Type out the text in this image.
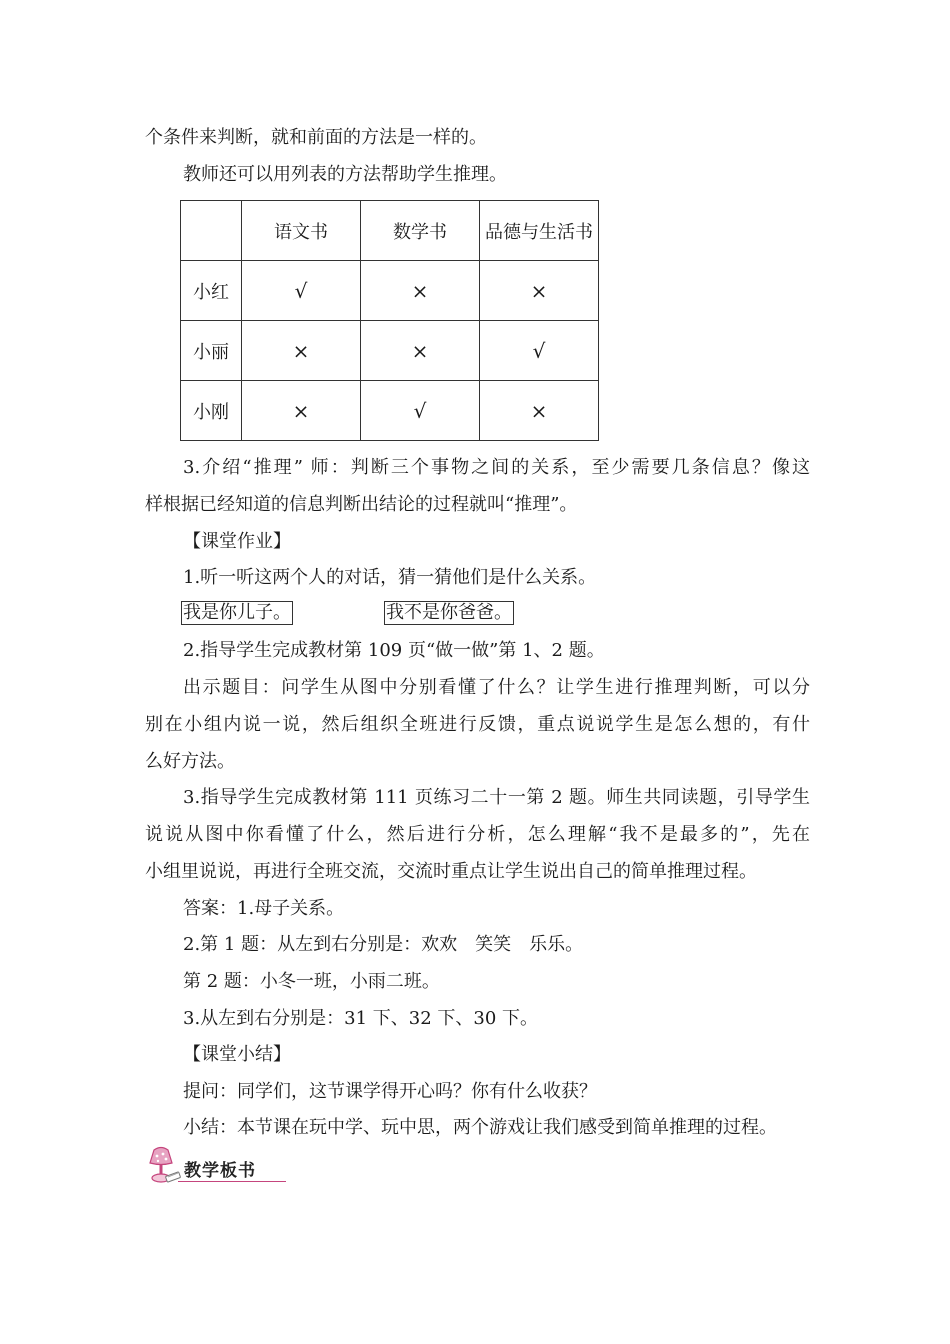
个条件来判断，就和前面的方法是一样的。
教师还可以用列表的方法帮助学生推理。
	语文书	数学书	品德与生活书
小红	√	×	×
小丽	×	×	√
小刚	×	√	×
3.介绍“推理” 师：判断三个事物之间的关系，至少需要几条信息？像这
样根据已经知道的信息判断出结论的过程就叫“推理”。
【课堂作业】
1.听一听这两个人的对话，猜一猜他们是什么关系。
我是你儿子。	我不是你爸爸。
2.指导学生完成教材第 109 页“做一做”第 1、2 题。
出示题目：问学生从图中分别看懂了什么？让学生进行推理判断，可以分
别在小组内说一说，然后组织全班进行反馈，重点说说学生是怎么想的，有什
么好方法。
3.指导学生完成教材第 111 页练习二十一第 2 题。师生共同读题，引导学生
说说从图中你看懂了什么，然后进行分析，怎么理解“我不是最多的”，先在
小组里说说，再进行全班交流，交流时重点让学生说出自己的简单推理过程。
答案：1.母子关系。
2.第 1 题：从左到右分别是：欢欢　笑笑　乐乐。
第 2 题：小冬一班，小雨二班。
3.从左到右分别是：31 下、32 下、30 下。
【课堂小结】
提问：同学们，这节课学得开心吗？你有什么收获？
小结：本节课在玩中学、玩中思，两个游戏让我们感受到简单推理的过程。
教学板书
